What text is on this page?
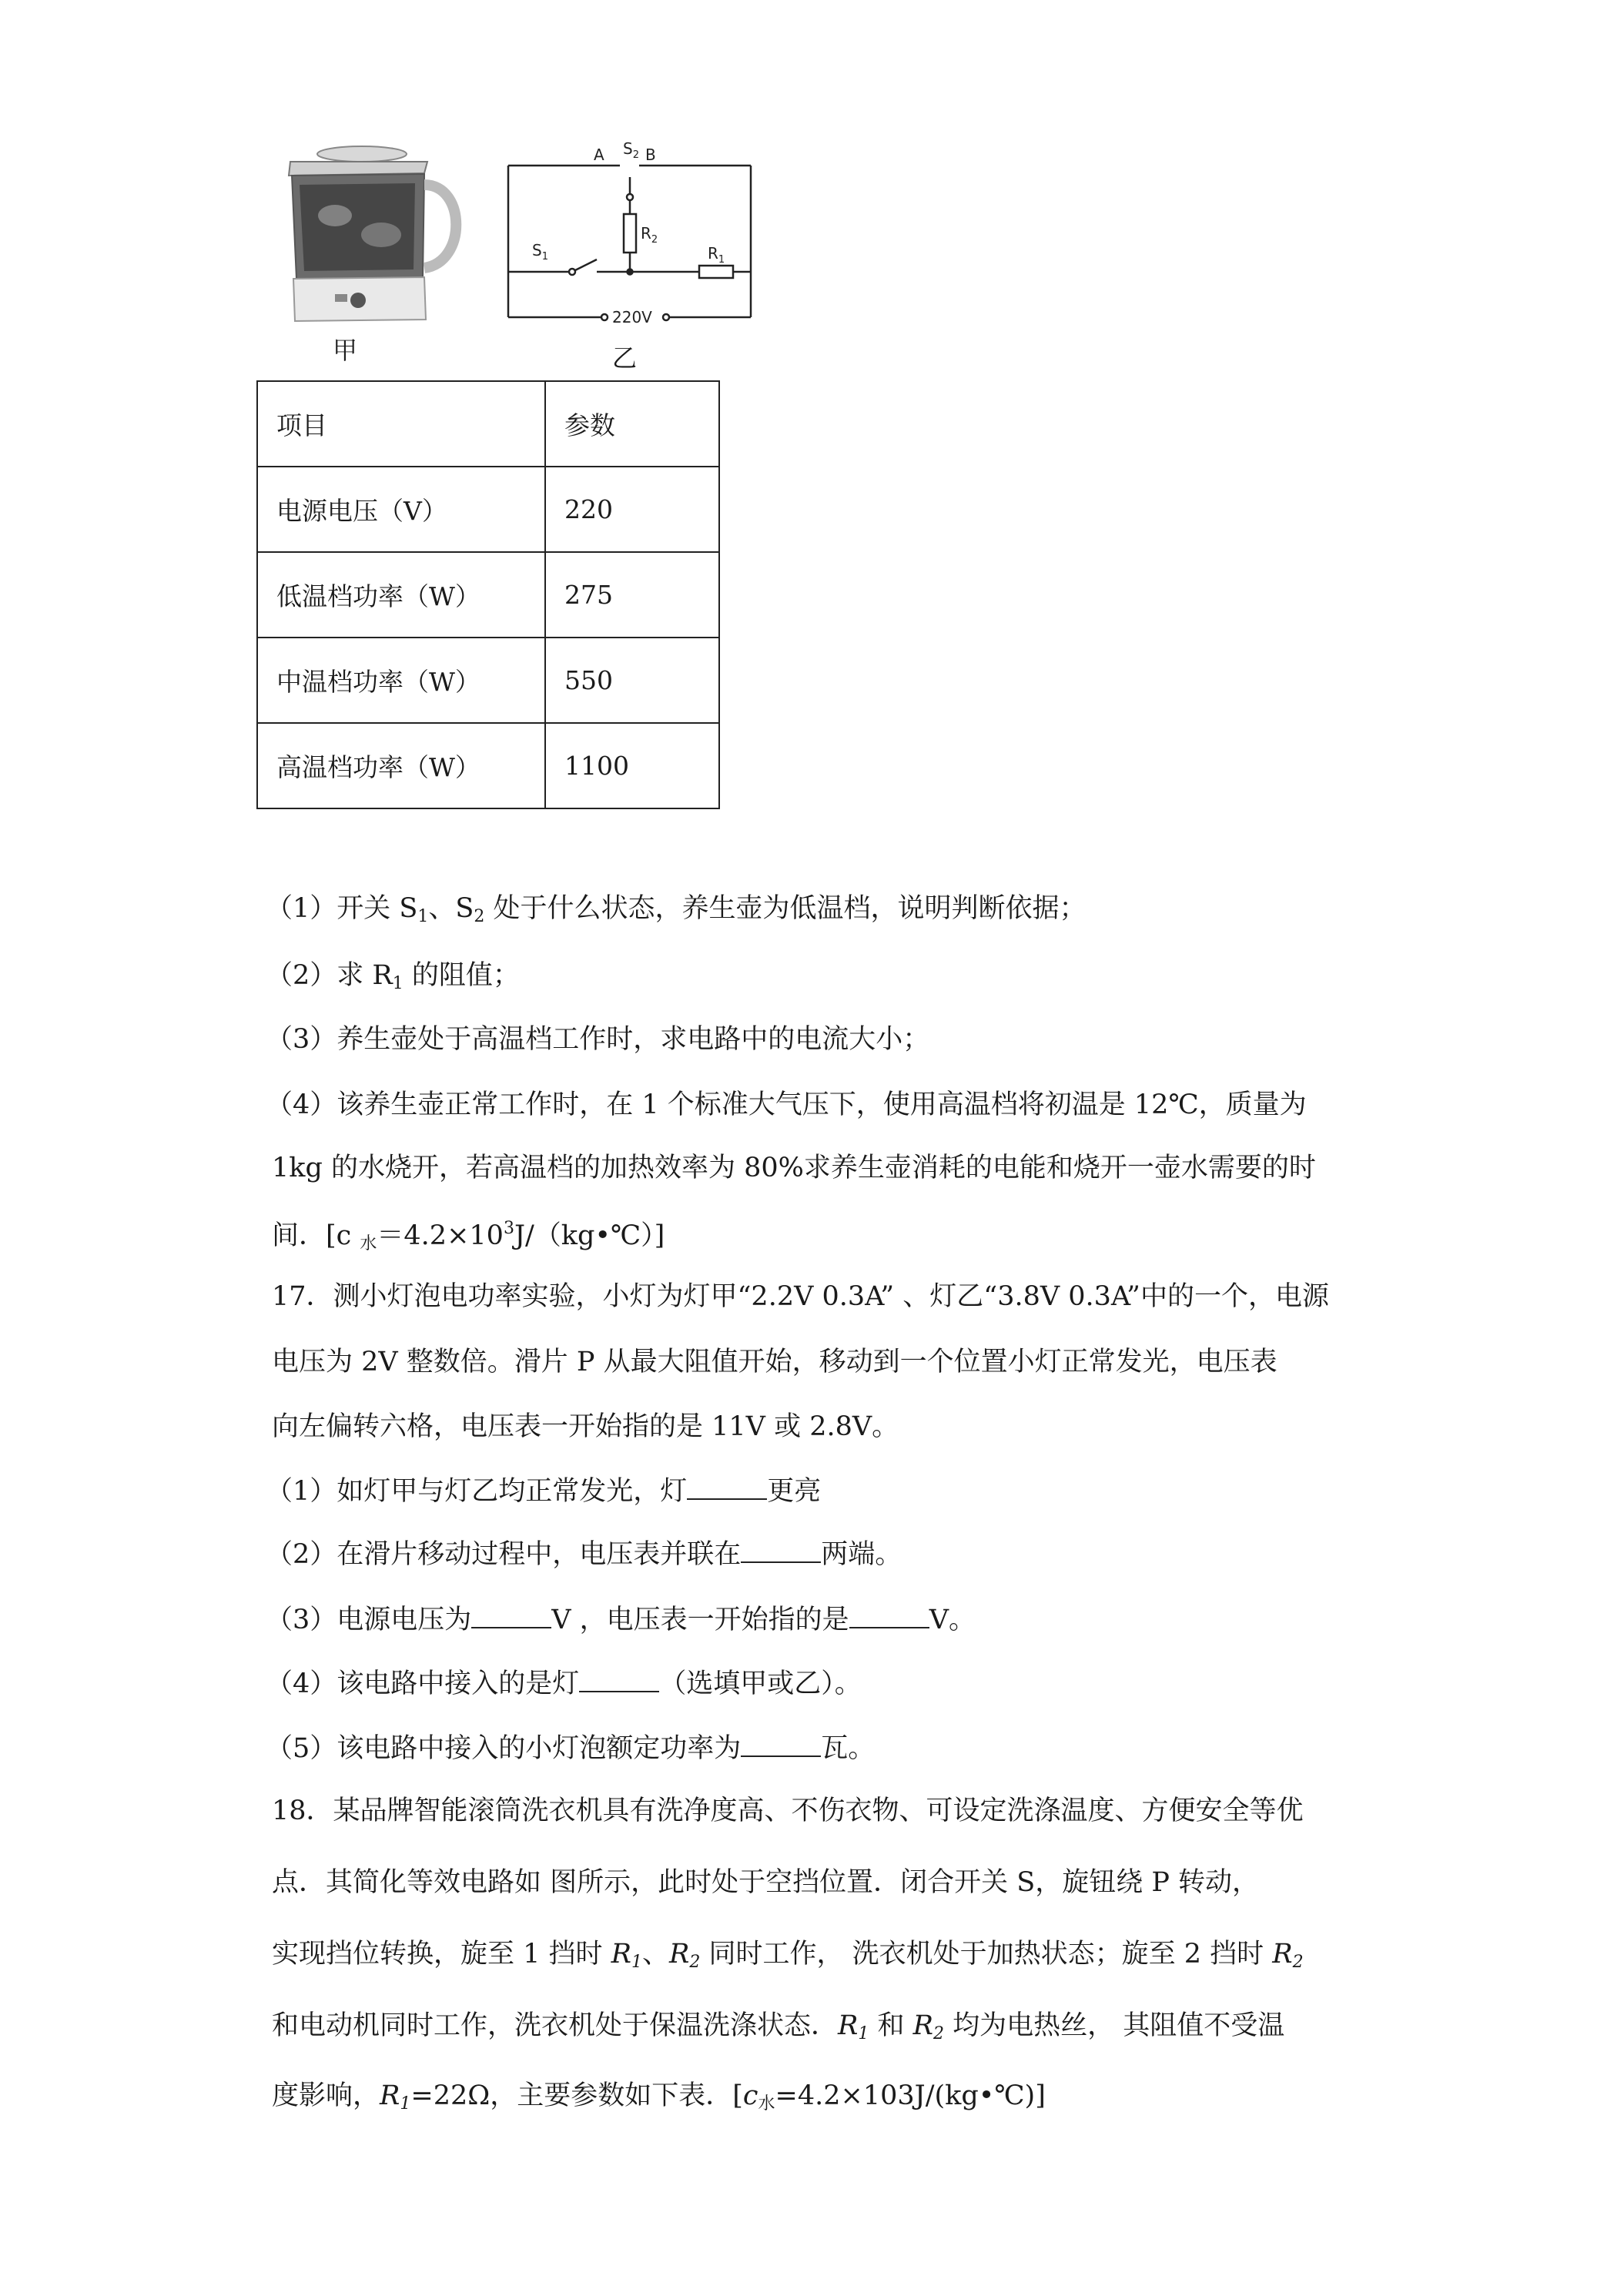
A $S_2$ B
$S_1$
$R_2$
$R_1$
220V
甲	乙
项目	参数
电源电压（V）	220
低温档功率（W）	275
中温档功率（W）	550
高温档功率（W）	1100
（1）开关 $S_1$、$S_2$ 处于什么状态，养生壶为低温档，说明判断依据；
（2）求 $R_1$ 的阻值；
（3）养生壶处于高温档工作时，求电路中的电流大小；
（4）该养生壶正常工作时，在 1 个标准大气压下，使用高温档将初温是 12℃，质量为
1kg 的水烧开，若高温档的加热效率为 80%求养生壶消耗的电能和烧开一壶水需要的时
间．[c $_水=4.2\times 10^3J/(kg•℃)$]
17．测小灯泡电功率实验，小灯为灯甲“2.2V 0.3A” 、灯乙“3.8V 0.3A”中的一个，电源
电压为 2V 整数倍。滑片 P 从最大阻值开始，移动到一个位置小灯正常发光，电压表
向左偏转六格，电压表一开始指的是 11V 或 2.8V。
（1）如灯甲与灯乙均正常发光，灯	更亮
（2）在滑片移动过程中，电压表并联在	两端。
（3）电源电压为	V ，电压表一开始指的是	V。
（4）该电路中接入的是灯	（选填甲或乙）。
（5）该电路中接入的小灯泡额定功率为	瓦。
18．某品牌智能滚筒洗衣机具有洗净度高、不伤衣物、可设定洗涤温度、方便安全等优
点．其简化等效电路如 图所示，此时处于空挡位置．闭合开关 S，旋钮绕 P 转动，
实现挡位转换，旋至 1 挡时 $R_1$、$R_2$ 同时工作， 洗衣机处于加热状态；旋至 2 挡时 $R_2$
和电动机同时工作，洗衣机处于保温洗涤状态．$R_1$ 和 $R_2$ 均为电热丝， 其阻值不受温
度影响，$R_1=22\Omega$，主要参数如下表．$[c_水=4.2\times 103J/(kg•℃)]$
